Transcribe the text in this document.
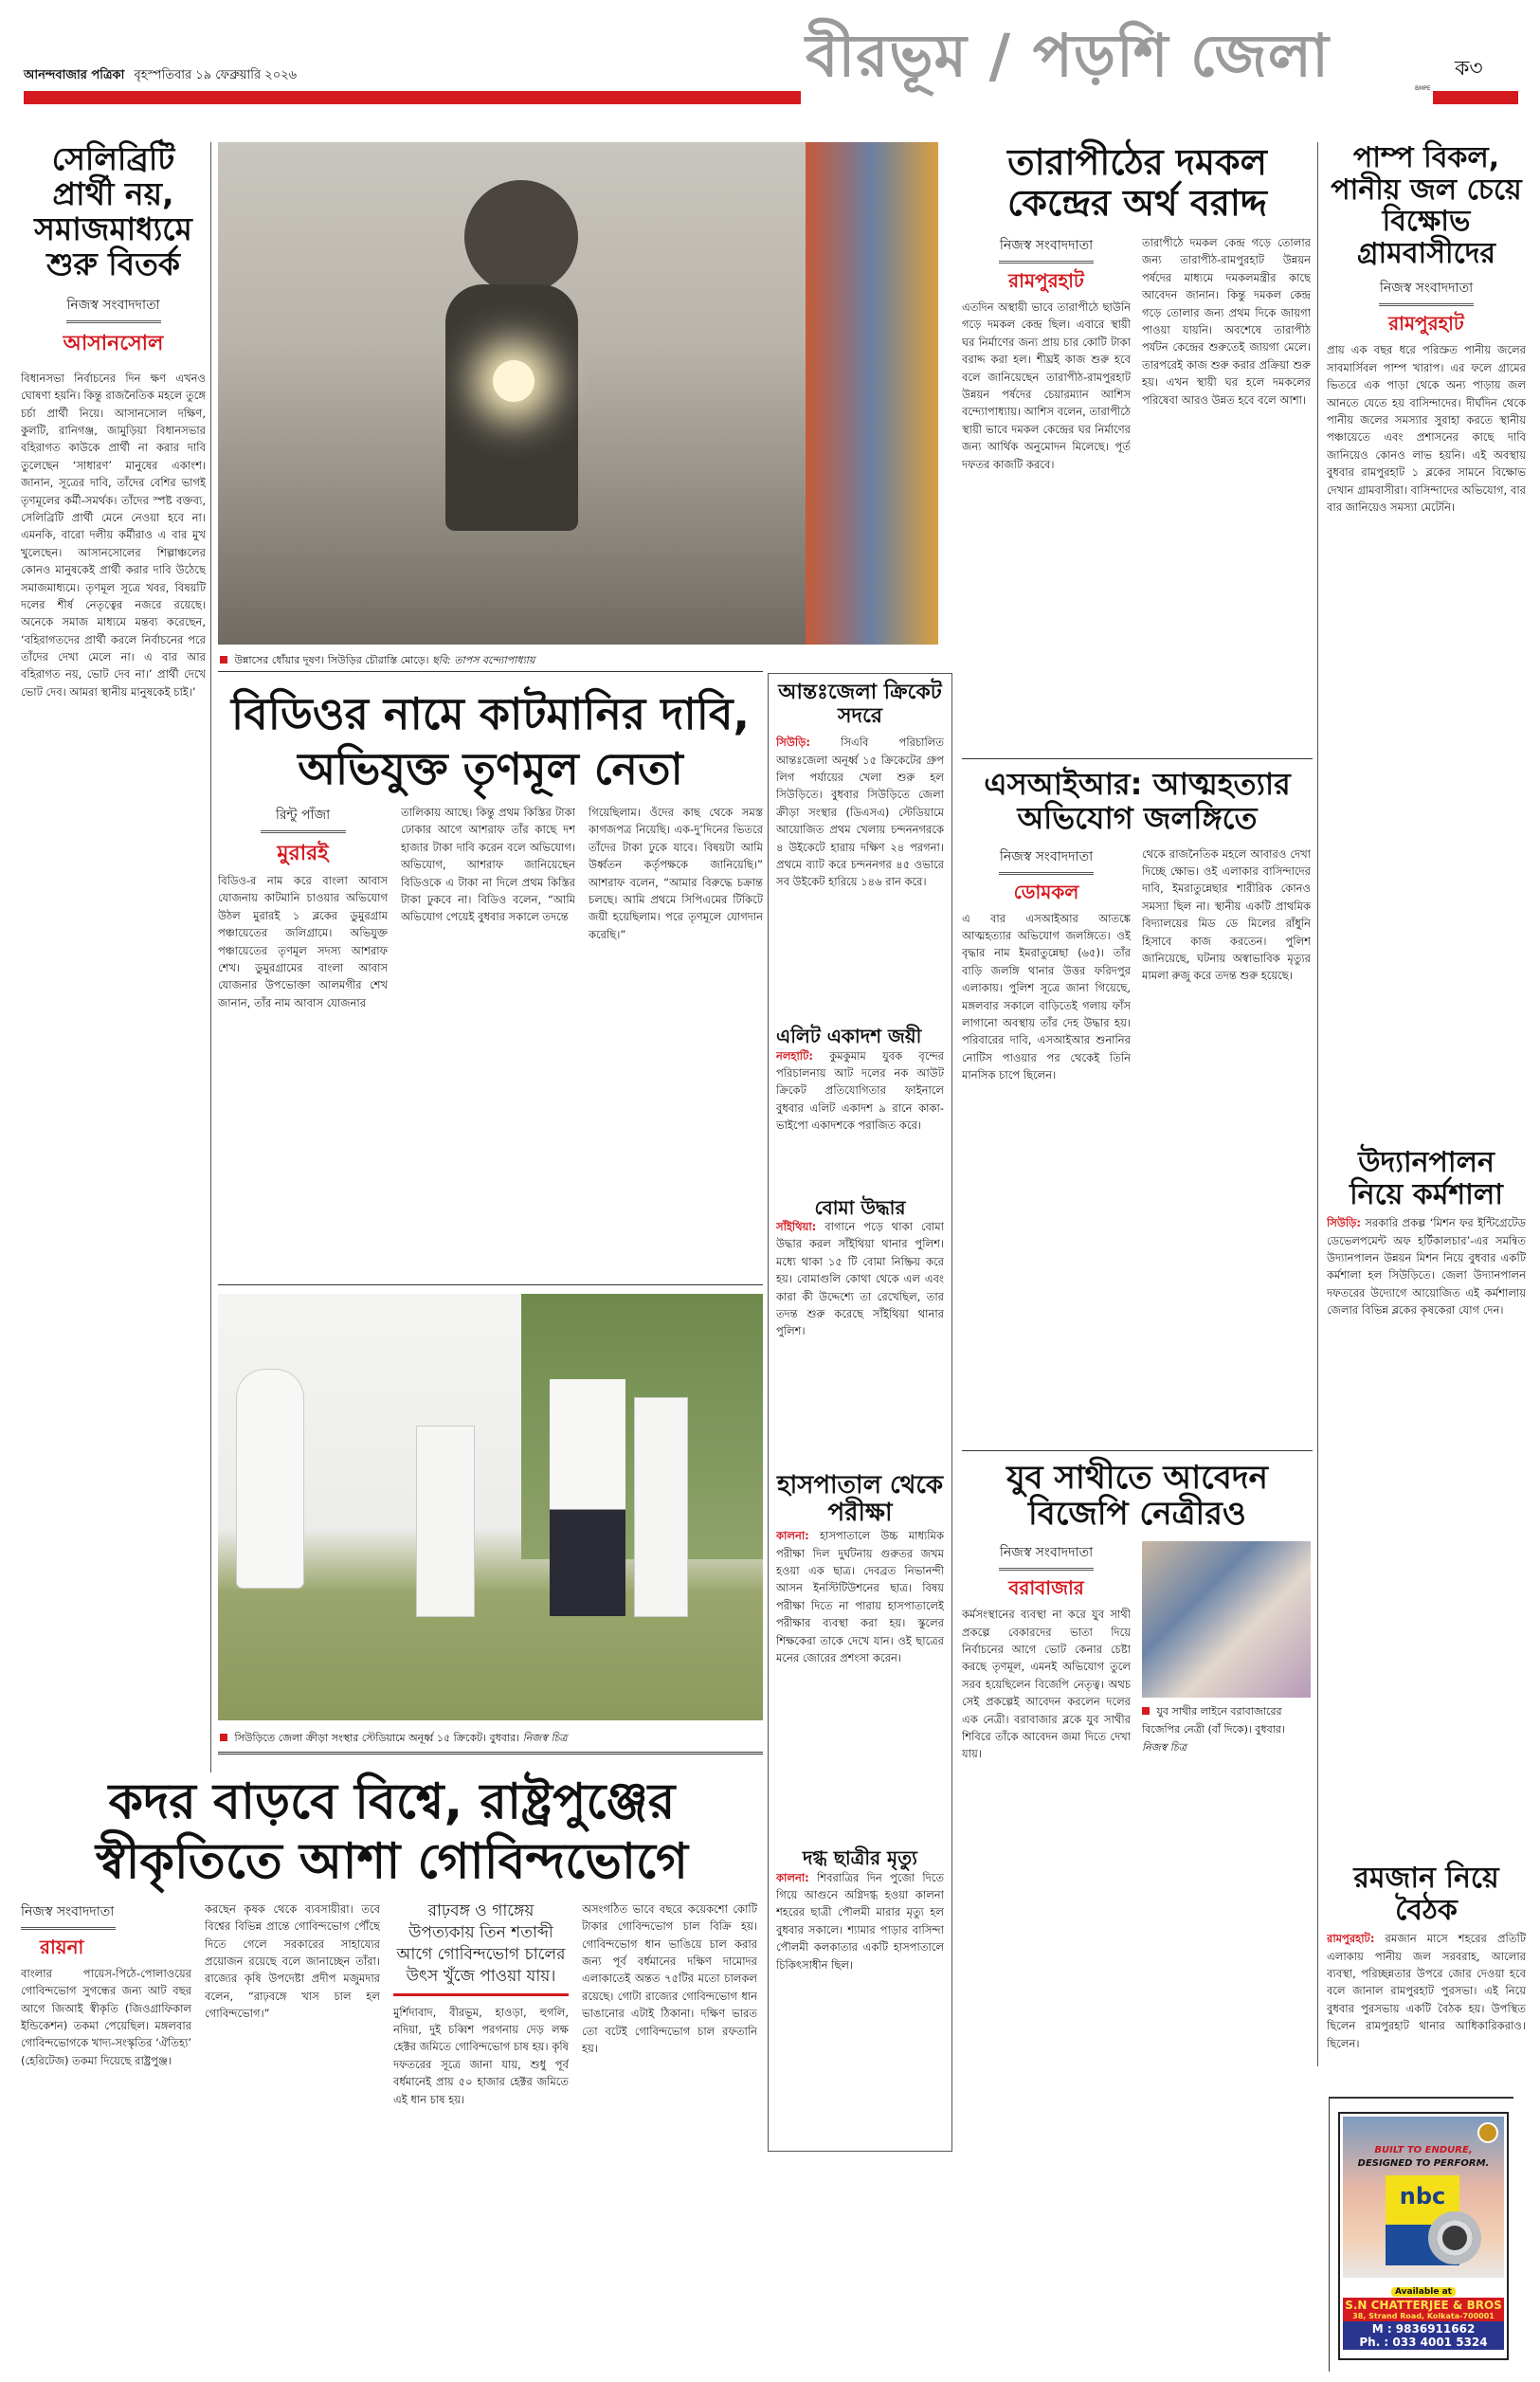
আনন্দবাজার পত্রিকা বৃহস্পতিবার ১৯ ফেব্রুয়ারি ২০২৬	বীরভূম / পড়শি জেলা	BMPE
ক৩
সেলিব্রিটি প্রার্থী নয়, সমাজমাধ্যমে শুরু বিতর্ক
নিজস্ব সংবাদদাতা
আসানসোল
বিধানসভা নির্বাচনের দিন ক্ষণ এখনও ঘোষণা হয়নি। কিন্তু রাজনৈতিক মহলে তুঙ্গে চর্চা প্রার্থী নিয়ে। আসানসোল দক্ষিণ, কুলটি, রানিগঞ্জ, জামুড়িয়া বিধানসভার বহিরাগত কাউকে প্রার্থী না করার দাবি তুলেছেন ‘সাধারণ’ মানুষের একাংশ। জানান, সূত্রের দাবি, তাঁদের বেশির ভাগই তৃণমূলের কর্মী-সমর্থক। তাঁদের স্পষ্ট বক্তব্য, সেলিব্রিটি প্রার্থী মেনে নেওয়া হবে না। এমনকি, বারো দলীয় কর্মীরাও এ বার মুখ খুলেছেন। আসানসোলের শিল্পাঞ্চলের কোনও মানুষকেই প্রার্থী করার দাবি উঠেছে সমাজমাধ্যমে। তৃণমূল সূত্রে খবর, বিষয়টি দলের শীর্ষ নেতৃত্বের নজরে রয়েছে। অনেকে সমাজ মাধ্যমে মন্তব্য করেছেন, ‘বহিরাগতদের প্রার্থী করলে নির্বাচনের পরে তাঁদের দেখা মেলে না। এ বার আর বহিরাগত নয়, ভোট দেব না।’ প্রার্থী দেখে ভোট দেব। আমরা স্থানীয় মানুষকেই চাই।’
উন্নাসের ধোঁয়ার দূষণ। সিউড়ির চৌরাস্তি মোড়ে। ছবি: তাপস বন্দ্যোপাধ্যায়
বিডিওর নামে কাটমানির দাবি, অভিযুক্ত তৃণমূল নেতা
রিন্টু পাঁজা
মুরারই
বিডিও-র নাম করে বাংলা আবাস যোজনায় কাটমানি চাওয়ার অভিযোগ উঠল মুরারই ১ ব্লকের ডুমুরগ্রাম পঞ্চায়েতের জলিগ্রামে। অভিযুক্ত পঞ্চায়েতের তৃণমূল সদস্য আশরাফ শেখ। ডুমুরগ্রামের বাংলা আবাস যোজনার উপভোক্তা আলমগীর শেখ জানান, তাঁর নাম আবাস যোজনার
তালিকায় আছে। কিন্তু প্রথম কিস্তির টাকা ঢোকার আগে আশরাফ তাঁর কাছে দশ হাজার টাকা দাবি করেন বলে অভিযোগ। অভিযোগ, আশরাফ জানিয়েছেন বিডিওকে এ টাকা না দিলে প্রথম কিস্তির টাকা ঢুকবে না। বিডিও বলেন, “আমি অভিযোগ পেয়েই বুধবার সকালে তদন্তে
গিয়েছিলাম। ওঁদের কাছ থেকে সমস্ত কাগজপত্র নিয়েছি। এক-দু’দিনের ভিতরে তাঁদের টাকা ঢুকে যাবে। বিষয়টা আমি উর্ধ্বতন কর্তৃপক্ষকে জানিয়েছি।” আশরাফ বলেন, “আমার বিরুদ্ধে চক্রান্ত চলছে। আমি প্রথমে সিপিএমের টিকিটে জয়ী হয়েছিলাম। পরে তৃণমূলে যোগদান করেছি।”
সিউড়িতে জেলা ক্রীড়া সংস্থার স্টেডিয়ামে অনূর্ধ্ব ১৫ ক্রিকেট। বুধবার। নিজস্ব চিত্র
আন্তঃজেলা ক্রিকেট সদরে
সিউড়ি:	সিএবি পরিচালিত আন্তঃজেলা অনূর্ধ্ব ১৫ ক্রিকেটের গ্রুপ লিগ পর্যায়ের খেলা শুরু হল সিউড়িতে। বুধবার সিউড়িতে জেলা ক্রীড়া সংস্থার (ডিএসএ) স্টেডিয়ামে আয়োজিত প্রথম খেলায় চন্দননগরকে ৪ উইকেটে হারায় দক্ষিণ ২৪ পরগনা। প্রথমে ব্যাট করে চন্দননগর ৪৫ ওভারে সব উইকেট হারিয়ে ১৪৬ রান করে।
এলিট একাদশ জয়ী
নলহাটি: কুমকুমাম যুবক বৃন্দের পরিচালনায় আট দলের নক আউট ক্রিকেট প্রতিযোগিতার ফাইনালে বুধবার এলিট একাদশ ৯ রানে কাকা-ভাইপো একাদশকে পরাজিত করে।
বোমা উদ্ধার
সাঁইথিয়া: বাগানে পড়ে থাকা বোমা উদ্ধার করল সাঁইথিয়া থানার পুলিশ। মধ্যে থাকা ১৫ টি বোমা নিষ্ক্রিয় করে হয়। বোমাগুলি কোথা থেকে এল এবং কারা কী উদ্দেশ্যে তা রেখেছিল, তার তদন্ত শুরু করেছে সাঁইথিয়া থানার পুলিশ।
হাসপাতাল থেকে পরীক্ষা
কালনা: হাসপাতালে উচ্চ মাধ্যমিক পরীক্ষা দিল দুর্ঘটনায় গুরুতর জখম হওয়া এক ছাত্র। দেবব্রত নিভানন্দী আসন ইনস্টিটিউশনের ছাত্র। বিষয় পরীক্ষা দিতে না পারায় হাসপাতালেই পরীক্ষার ব্যবস্থা করা হয়। স্কুলের শিক্ষকেরা তাকে দেখে যান। ওই ছাত্রের মনের জোরের প্রশংসা করেন।
দগ্ধ ছাত্রীর মৃত্যু
কালনা: শিবরাত্রির দিন পুজো দিতে গিয়ে আগুনে অগ্নিদগ্ধ হওয়া কালনা শহরের ছাত্রী পৌলমী মারার মৃত্যু হল বুধবার সকালে। শ্যামার পাড়ার বাসিন্দা পৌলমী কলকাতার একটি হাসপাতালে চিকিৎসাধীন ছিল।
তারাপীঠের দমকল কেন্দ্রের অর্থ বরাদ্দ
নিজস্ব সংবাদদাতা
রামপুরহাট
এতদিন অস্থায়ী ভাবে তারাপীঠে ছাউনি গড়ে দমকল কেন্দ্র ছিল। এবারে স্থায়ী ঘর নির্মাণের জন্য প্রায় চার কোটি টাকা বরাদ্দ করা হল। শীঘ্রই কাজ শুরু হবে বলে জানিয়েছেন তারাপীঠ-রামপুরহাট উন্নয়ন পর্ষদের চেয়ারম্যান আশিস বন্দ্যোপাধ্যায়। আশিস বলেন, তারাপীঠে স্থায়ী ভাবে দমকল কেন্দ্রের ঘর নির্মাণের জন্য আর্থিক অনুমোদন মিলেছে। পূর্ত দফতর কাজটি করবে।
তারাপীঠে দমকল কেন্দ্র গড়ে তোলার জন্য তারাপীঠ-রামপুরহাট উন্নয়ন পর্ষদের মাধ্যমে দমকলমন্ত্রীর কাছে আবেদন জানান। কিন্তু দমকল কেন্দ্র গড়ে তোলার জন্য প্রথম দিকে জায়গা পাওয়া যায়নি। অবশেষে তারাপীঠ পর্যটন কেন্দ্রের শুরুতেই জায়গা মেলে। তারপরেই কাজ শুরু করার প্রক্রিয়া শুরু হয়। এখন স্থায়ী ঘর হলে দমকলের পরিষেবা আরও উন্নত হবে বলে আশা।
এসআইআর: আত্মহত্যার অভিযোগ জলঙ্গিতে
নিজস্ব সংবাদদাতা
ডোমকল
এ বার এসআইআর আতঙ্কে আত্মহত্যার অভিযোগ জলঙ্গিতে। ওই বৃদ্ধার নাম ইমরাতুন্নেছা (৬৫)। তাঁর বাড়ি জলঙ্গি থানার উত্তর ফরিদপুর এলাকায়। পুলিশ সূত্রে জানা গিয়েছে, মঙ্গলবার সকালে বাড়িতেই গলায় ফাঁস লাগানো অবস্থায় তাঁর দেহ উদ্ধার হয়। পরিবারের দাবি, এসআইআর শুনানির নোটিস পাওয়ার পর থেকেই তিনি মানসিক চাপে ছিলেন।
থেকে রাজনৈতিক মহলে আবারও দেখা দিচ্ছে ক্ষোভ। ওই এলাকার বাসিন্দাদের দাবি, ইমরাতুন্নেছার শারীরিক কোনও সমস্যা ছিল না। স্থানীয় একটি প্রাথমিক বিদ্যালয়ের মিড ডে মিলের রাঁধুনি হিসাবে কাজ করতেন। পুলিশ জানিয়েছে, ঘটনায় অস্বাভাবিক মৃত্যুর মামলা রুজু করে তদন্ত শুরু হয়েছে।
যুব সাথীতে আবেদন বিজেপি নেত্রীরও
নিজস্ব সংবাদদাতা
বরাবাজার
কর্মসংস্থানের ব্যবস্থা না করে যুব সাথী প্রকল্পে বেকারদের ভাতা দিয়ে নির্বাচনের আগে ভোট কেনার চেষ্টা করছে তৃণমূল, এমনই অভিযোগ তুলে সরব হয়েছিলেন বিজেপি নেতৃত্ব। অথচ সেই প্রকল্পেই আবেদন করলেন দলের এক নেত্রী। বরাবাজার ব্লকে যুব সাথীর শিবিরে তাঁকে আবেদন জমা দিতে দেখা যায়।
যুব সাথীর লাইনে বরাবাজারের বিজেপির নেত্রী (বাঁ দিকে)। বুধবার। নিজস্ব চিত্র
পাম্প বিকল, পানীয় জল চেয়ে বিক্ষোভ গ্রামবাসীদের
নিজস্ব সংবাদদাতা
রামপুরহাট
প্রায় এক বছর ধরে পরিস্রুত পানীয় জলের সাবমার্সিবল পাম্প খারাপ। এর ফলে গ্রামের ভিতরে এক পাড়া থেকে অন্য পাড়ায় জল আনতে যেতে হয় বাসিন্দাদের। দীর্ঘদিন থেকে পানীয় জলের সমস্যার সুরাহা করতে স্থানীয় পঞ্চায়েতে এবং প্রশাসনের কাছে দাবি জানিয়েও কোনও লাভ হয়নি। এই অবস্থায় বুধবার রামপুরহাট ১ ব্লকের সামনে বিক্ষোভ দেখান গ্রামবাসীরা। বাসিন্দাদের অভিযোগ, বার বার জানিয়েও সমস্যা মেটেনি।
উদ্যানপালন নিয়ে কর্মশালা
সিউড়ি: সরকারি প্রকল্প ‘মিশন ফর ইন্টিগ্রেটেড ডেভেলপমেন্ট অফ হর্টিকালচার’-এর সমন্বিত উদ্যানপালন উন্নয়ন মিশন নিয়ে বুধবার একটি কর্মশালা হল সিউড়িতে। জেলা উদ্যানপালন দফতরের উদ্যোগে আয়োজিত এই কর্মশালায় জেলার বিভিন্ন ব্লকের কৃষকেরা যোগ দেন।
রমজান নিয়ে বৈঠক
রামপুরহাট: রমজান মাসে শহরের প্রতিটি এলাকায় পানীয় জল সরবরাহ, আলোর ব্যবস্থা, পরিচ্ছন্নতার উপরে জোর দেওয়া হবে বলে জানাল রামপুরহাট পুরসভা। এই নিয়ে বুধবার পুরসভায় একটি বৈঠক হয়। উপস্থিত ছিলেন রামপুরহাট থানার আধিকারিকরাও। ছিলেন।
BUILT TO ENDURE,
DESIGNED TO PERFORM.
nbc
Available at
S.N CHATTERJEE & BROS
38, Strand Road, Kolkata-700001
M : 9836911662
Ph. : 033 4001 5324
কদর বাড়বে বিশ্বে, রাষ্ট্রপুঞ্জের স্বীকৃতিতে আশা গোবিন্দভোগে
নিজস্ব সংবাদদাতা
রায়না
বাংলার পায়েস-পিঠে-পোলাওয়ের গোবিন্দভোগ সুগন্ধের জন্য আট বছর আগে জিআই স্বীকৃতি (জিওগ্রাফিকাল ইন্ডিকেশন) তকমা পেয়েছিল। মঙ্গলবার গোবিন্দভোগকে খাদ্য-সংস্কৃতির ‘ঐতিহ্য’ (হেরিটেজ) তকমা দিয়েছে রাষ্ট্রপুঞ্জ।
করছেন কৃষক থেকে ব্যবসায়ীরা। তবে বিশ্বের বিভিন্ন প্রান্তে গোবিন্দভোগ পৌঁছে দিতে গেলে সরকারের সাহায্যের প্রয়োজন রয়েছে বলে জানাচ্ছেন তাঁরা। রাজ্যের কৃষি উপদেষ্টা প্রদীপ মজুমদার বলেন, “রাঢ়বঙ্গে খাস চাল হল গোবিন্দভোগ।”
রাঢ়বঙ্গ ও গাঙ্গেয় উপত্যকায় তিন শতাব্দী আগে গোবিন্দভোগ চালের উৎস খুঁজে পাওয়া যায়।
মুর্শিদাবাদ, বীরভূম, হাওড়া, হুগলি, নদিয়া, দুই চব্বিশ পরগনায় দেড় লক্ষ হেক্টর জমিতে গোবিন্দভোগ চাষ হয়। কৃষি দফতরের সূত্রে জানা যায়, শুধু পূর্ব বর্ধমানেই প্রায় ৫০ হাজার হেক্টর জমিতে এই ধান চাষ হয়।
অসংগঠিত ভাবে বছরে কয়েকশো কোটি টাকার গোবিন্দভোগ চাল বিক্রি হয়। গোবিন্দভোগ ধান ভাঙিয়ে চাল করার জন্য পূর্ব বর্ধমানের দক্ষিণ দামোদর এলাকাতেই অন্তত ৭৫টির মতো চালকল রয়েছে। গোটা রাজ্যের গোবিন্দভোগ ধান ভাঙানোর এটাই ঠিকানা। দক্ষিণ ভারত তো বটেই গোবিন্দভোগ চাল রফতানি হয়।
